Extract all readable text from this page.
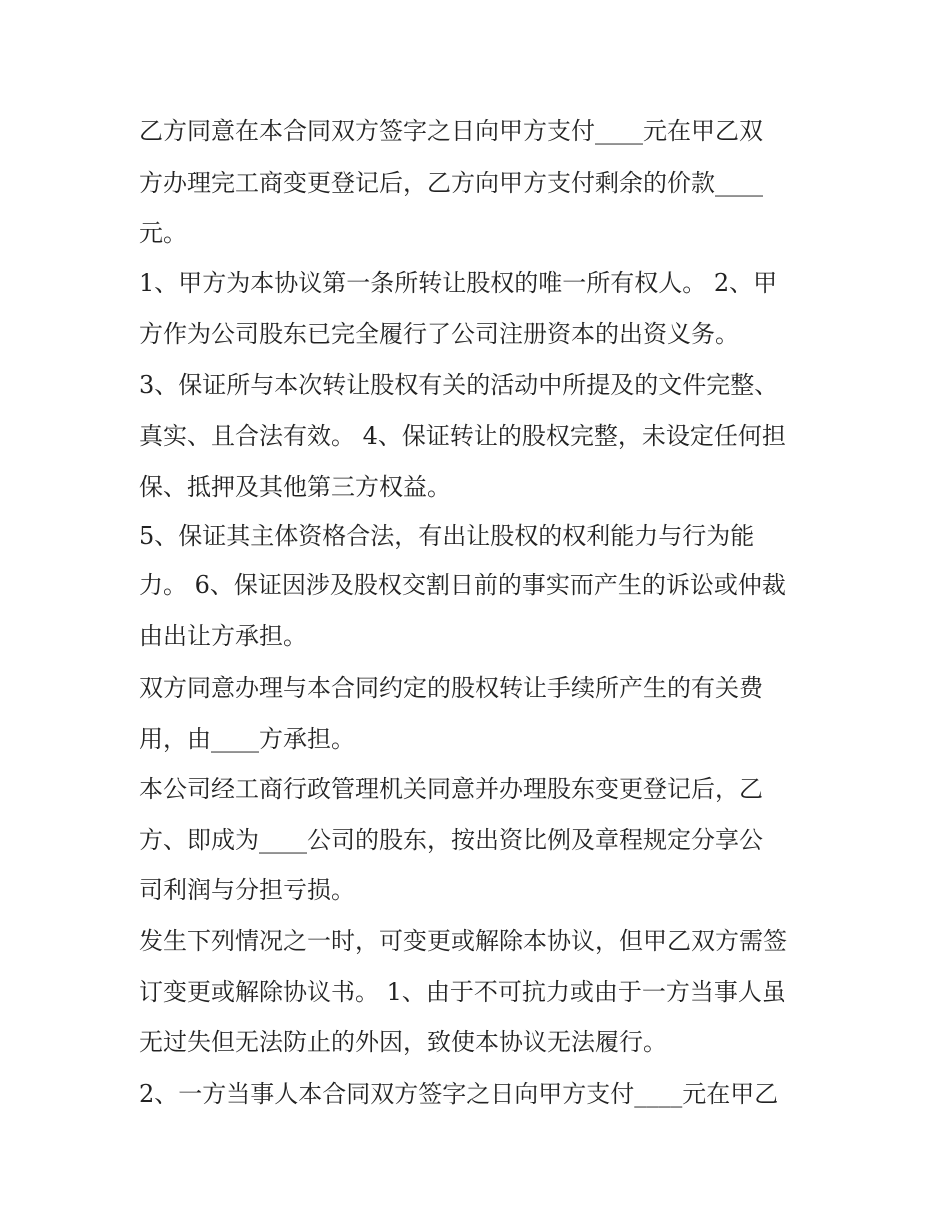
乙方同意在本合同双方签字之日向甲方支付____元在甲乙双

方办理完工商变更登记后，乙方向甲方支付剩余的价款____

元。

1、甲方为本协议第一条所转让股权的唯一所有权人。 2、甲

方作为公司股东已完全履行了公司注册资本的出资义务。

3、保证所与本次转让股权有关的活动中所提及的文件完整、

真实、且合法有效。 4、保证转让的股权完整，未设定任何担

保、抵押及其他第三方权益。

5、保证其主体资格合法，有出让股权的权利能力与行为能

力。 6、保证因涉及股权交割日前的事实而产生的诉讼或仲裁

由出让方承担。

双方同意办理与本合同约定的股权转让手续所产生的有关费

用，由____方承担。

本公司经工商行政管理机关同意并办理股东变更登记后，乙

方、即成为____公司的股东，按出资比例及章程规定分享公

司利润与分担亏损。

发生下列情况之一时，可变更或解除本协议，但甲乙双方需签

订变更或解除协议书。 1、由于不可抗力或由于一方当事人虽

无过失但无法防止的外因，致使本协议无法履行。

2、一方当事人本合同双方签字之日向甲方支付____元在甲乙
